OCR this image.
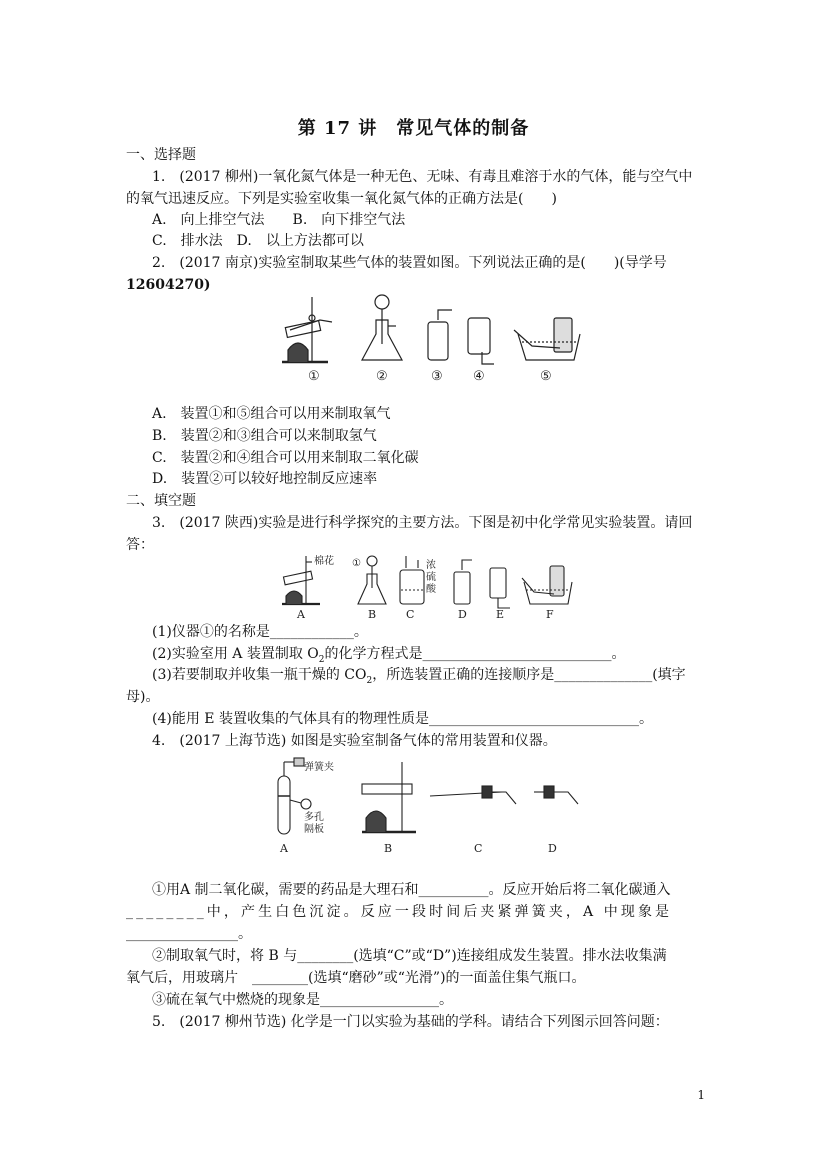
第 17 讲　常见气体的制备
一、选择题
1.　(2017 柳州)一氧化氮气体是一种无色、无味、有毒且难溶于水的气体，能与空气中
的氧气迅速反应。下列是实验室收集一氧化氮气体的正确方法是(　　)
A.　向上排空气法　　B.　向下排空气法
C.　排水法　D.　以上方法都可以
2.　(2017 南京)实验室制取某些气体的装置如图。下列说法正确的是(　　)(导学号
12604270)
①	②	③ ④	⑤
A.　装置①和⑤组合可以用来制取氧气
B.　装置②和③组合可以来制取氢气
C.　装置②和④组合可以用来制取二氧化碳
D.　装置②可以较好地控制反应速率
二、填空题
3.　(2017 陕西)实验是进行科学探究的主要方法。下图是初中化学常见实验装置。请回
答：
棉花
A
①
B
浓
硫
酸
C	D	E	F
(1)仪器①的名称是____________。
(2)实验室用 A 装置制取 $O_2$的化学方程式是___________________________。
(3)若要制取并收集一瓶干燥的 $CO_2$，所选装置正确的连接顺序是______________(填字
母)。
(4)能用 E 装置收集的气体具有的物理性质是______________________________。
4.　(2017 上海节选) 如图是实验室制备气体的常用装置和仪器。
弹簧夹
多孔
隔板
A	B	C	D
①用A 制二氧化碳，需要的药品是大理石和__________。反应开始后将二氧化碳通入
________中，产生白色沉淀。反应一段时间后夹紧弹簧夹，A 中现象是
________________。
②制取氧气时，将 B 与________(选填“C”或“D”)连接组成发生装置。排水法收集满
氧气后，用玻璃片　________(选填“磨砂”或“光滑”)的一面盖住集气瓶口。
③硫在氧气中燃烧的现象是_________________。
5.　(2017 柳州节选) 化学是一门以实验为基础的学科。请结合下列图示回答问题：
1
